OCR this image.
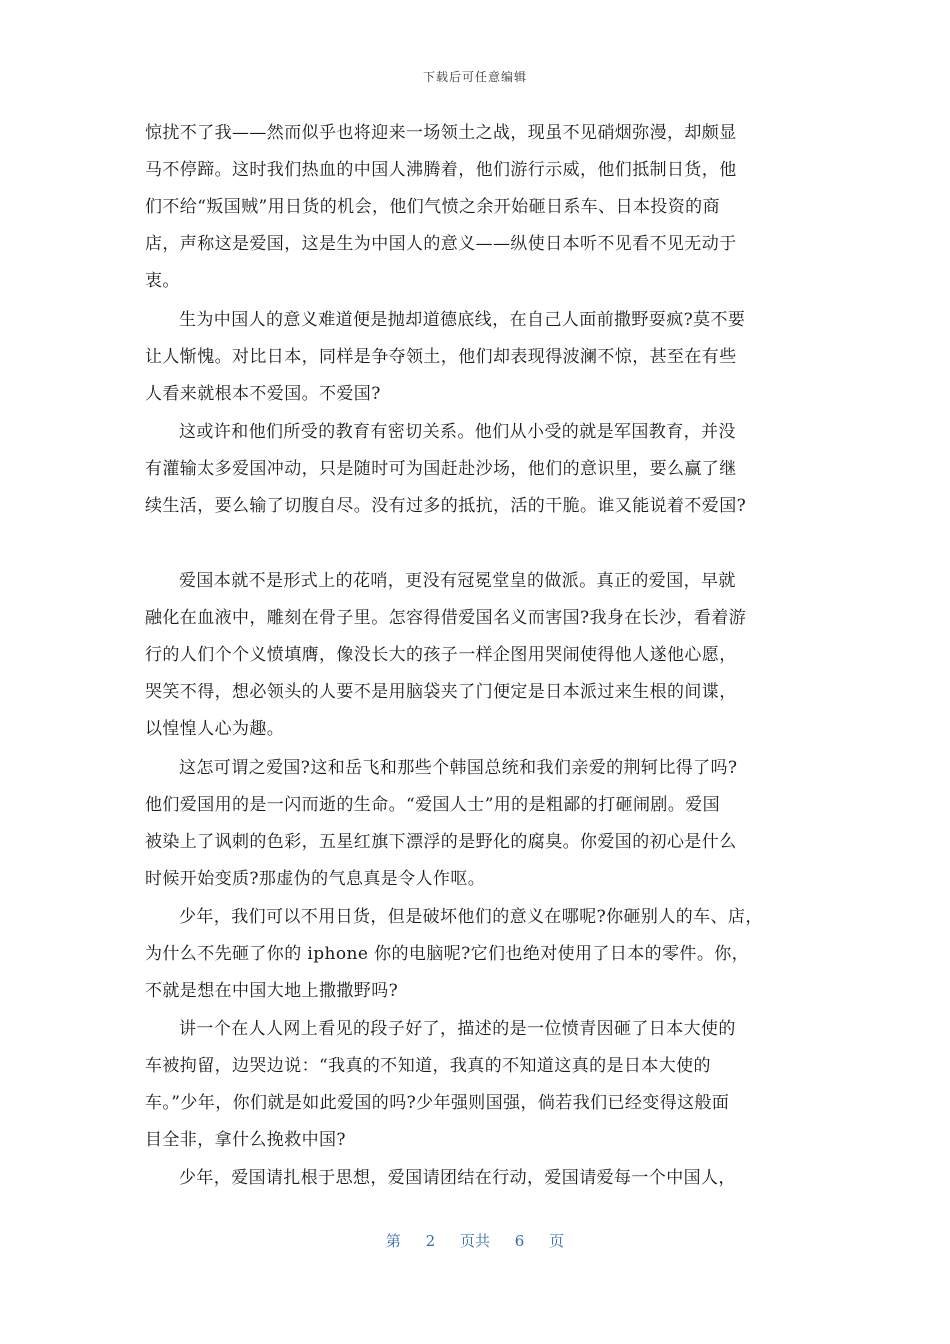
下载后可任意编辑
惊扰不了我——然而似乎也将迎来一场领土之战，现虽不见硝烟弥漫，却颇显
马不停蹄。这时我们热血的中国人沸腾着，他们游行示威，他们抵制日货，他
们不给“叛国贼”用日货的机会，他们气愤之余开始砸日系车、日本投资的商
店，声称这是爱国，这是生为中国人的意义——纵使日本听不见看不见无动于
衷。
生为中国人的意义难道便是抛却道德底线，在自己人面前撒野耍疯?莫不要
让人惭愧。对比日本，同样是争夺领土，他们却表现得波澜不惊，甚至在有些
人看来就根本不爱国。不爱国?
这或许和他们所受的教育有密切关系。他们从小受的就是军国教育，并没
有灌输太多爱国冲动，只是随时可为国赶赴沙场，他们的意识里，要么赢了继
续生活，要么输了切腹自尽。没有过多的抵抗，活的干脆。谁又能说着不爱国?
爱国本就不是形式上的花哨，更没有冠冕堂皇的做派。真正的爱国，早就
融化在血液中，雕刻在骨子里。怎容得借爱国名义而害国?我身在长沙，看着游
行的人们个个义愤填膺，像没长大的孩子一样企图用哭闹使得他人遂他心愿，
哭笑不得，想必领头的人要不是用脑袋夹了门便定是日本派过来生根的间谍，
以惶惶人心为趣。
这怎可谓之爱国?这和岳飞和那些个韩国总统和我们亲爱的荆轲比得了吗?
他们爱国用的是一闪而逝的生命。“爱国人士”用的是粗鄙的打砸闹剧。爱国
被染上了讽刺的色彩，五星红旗下漂浮的是野化的腐臭。你爱国的初心是什么
时候开始变质?那虚伪的气息真是令人作呕。
少年，我们可以不用日货，但是破坏他们的意义在哪呢?你砸别人的车、店，
为什么不先砸了你的 iphone 你的电脑呢?它们也绝对使用了日本的零件。你，
不就是想在中国大地上撒撒野吗?
讲一个在人人网上看见的段子好了，描述的是一位愤青因砸了日本大使的
车被拘留，边哭边说：“我真的不知道，我真的不知道这真的是日本大使的
车。”少年，你们就是如此爱国的吗?少年强则国强，倘若我们已经变得这般面
目全非，拿什么挽救中国?
少年，爱国请扎根于思想，爱国请团结在行动，爱国请爱每一个中国人，
第 2 页共 6 页
